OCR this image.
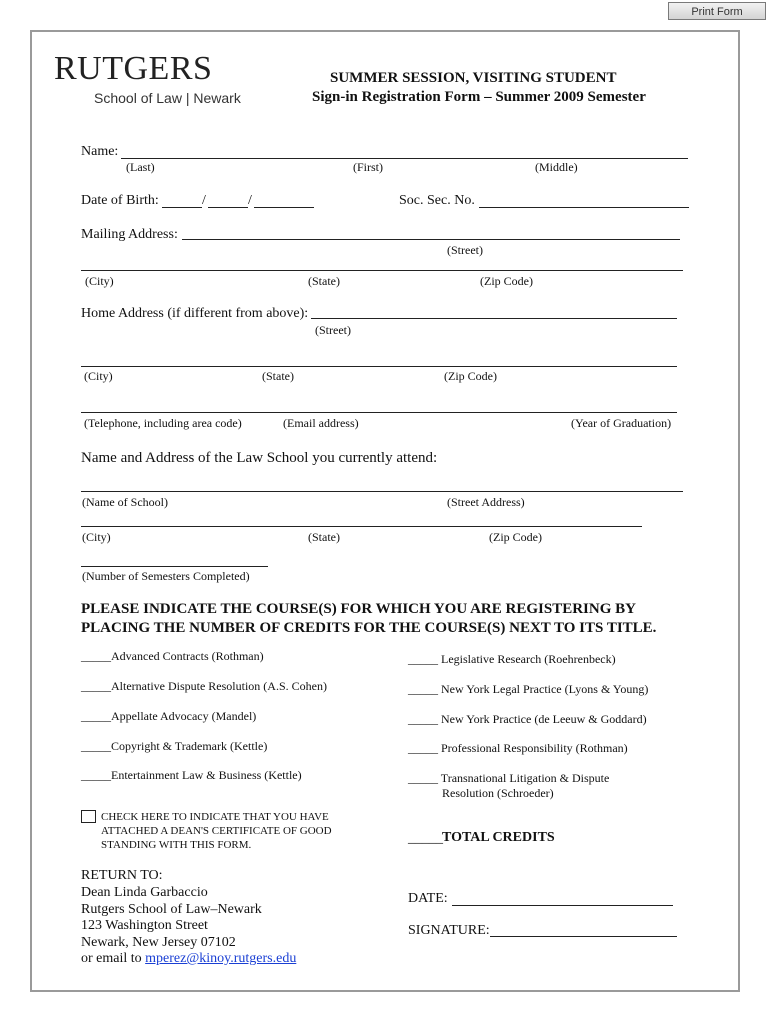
Print Form
RUTGERS
School of Law | Newark
SUMMER SESSION, VISITING STUDENT
Sign-in Registration Form – Summer 2009 Semester
Name:
(Last)	(First)	(Middle)
Date of Birth:	/	/	Soc. Sec. No.
Mailing Address:
(Street)
(City)	(State)	(Zip Code)
Home Address (if different from above):
(Street)
(City)	(State)	(Zip Code)
(Telephone, including area code)	(Email address)	(Year of Graduation)
Name and Address of the Law School you currently attend:
(Name of School)	(Street Address)
(City)	(State)	(Zip Code)
(Number of Semesters Completed)
PLEASE INDICATE THE COURSE(S) FOR WHICH YOU ARE REGISTERING BY
PLACING THE NUMBER OF CREDITS FOR THE COURSE(S) NEXT TO ITS TITLE.
_____Advanced Contracts (Rothman)
_____Alternative Dispute Resolution (A.S. Cohen)
_____Appellate Advocacy (Mandel)
_____Copyright & Trademark (Kettle)
_____Entertainment Law & Business (Kettle)
_____ Legislative Research (Roehrenbeck)
_____ New York Legal Practice (Lyons & Young)
_____ New York Practice (de Leeuw & Goddard)
_____ Professional Responsibility (Rothman)
_____ Transnational Litigation & Dispute
Resolution (Schroeder)
CHECK HERE TO INDICATE THAT YOU HAVE
ATTACHED A DEAN'S CERTIFICATE OF GOOD
STANDING WITH THIS FORM.	_____ TOTAL CREDITS
RETURN TO:
Dean Linda Garbaccio
Rutgers School of Law–Newark
123 Washington Street
Newark, New Jersey 07102
or email to mperez@kinoy.rutgers.edu
DATE:
SIGNATURE:
